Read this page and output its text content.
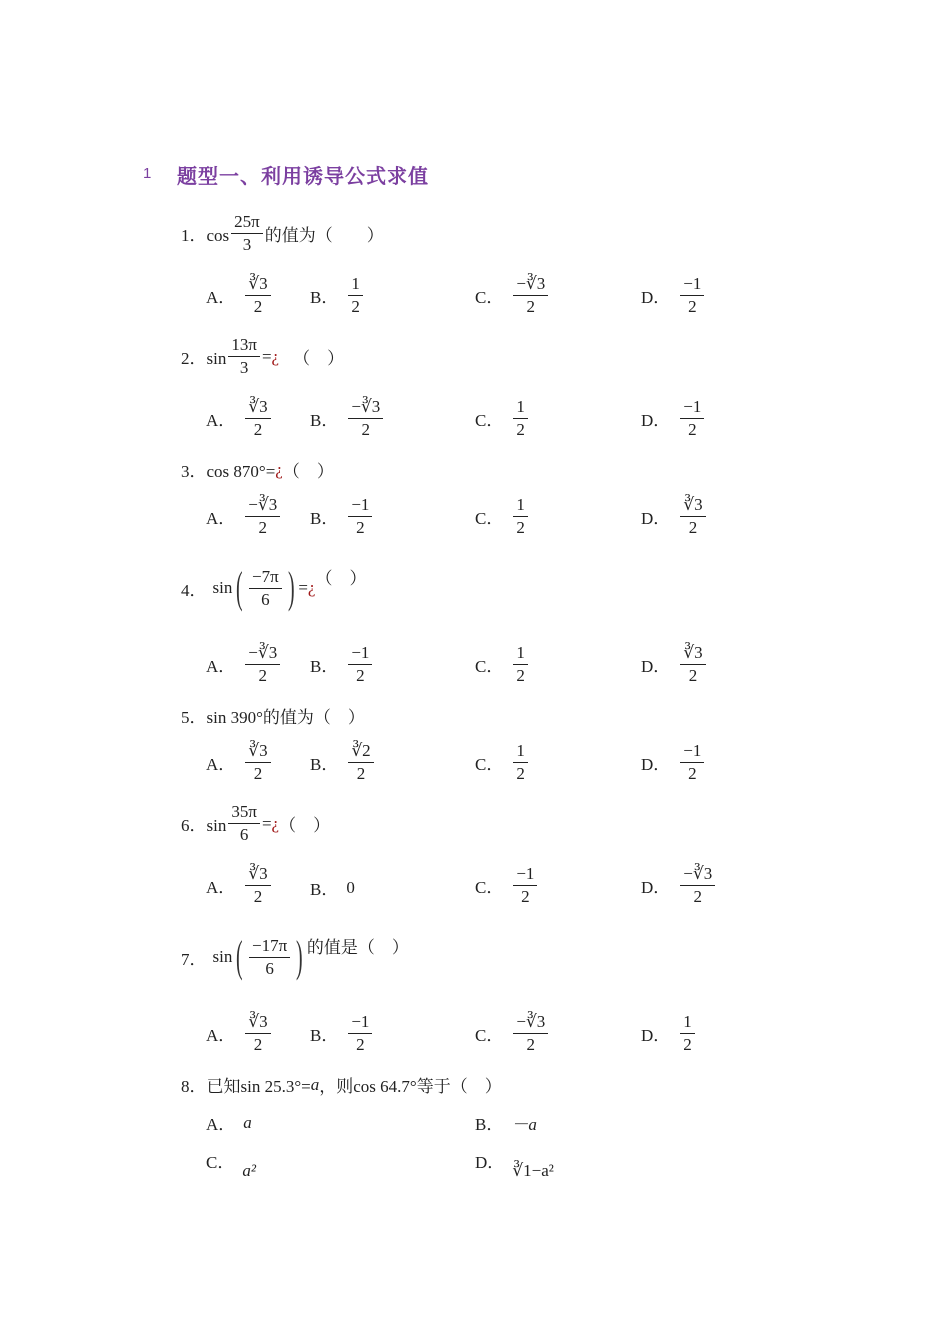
1 题型一、利用诱导公式求值
1．$\cos \frac{25\pi}{3}$ 的值为（　　）
A． $\frac{∛3}{2}$ B． $\frac{1}{2}$	C． $\frac{-∛3}{2}$	D． $\frac{-1}{2}$
2．$\sin \frac{13\pi}{3}$ = ¿ （　）
A． $\frac{∛3}{2}$ B． $\frac{-∛3}{2}$	C． $\frac{1}{2}$	D． $\frac{-1}{2}$
3．cos 870°= ¿ （　）
A． $\frac{-∛3}{2}$ B． $\frac{-1}{2}$	C． $\frac{1}{2}$	D． $\frac{∛3}{2}$
4． sin ( $\frac{-7\pi}{6}$ ) = ¿ （　）
A． $\frac{-∛3}{2}$ B． $\frac{-1}{2}$	C． $\frac{1}{2}$	D． $\frac{∛3}{2}$
5．sin 390°的值为（　）
A． $\frac{∛3}{2}$ B． $\frac{∛2}{2}$	C． $\frac{1}{2}$	D． $\frac{-1}{2}$
6．$\sin \frac{35\pi}{6}$ = ¿ （　）
A． $\frac{∛3}{2}$ B． 0	C． $\frac{-1}{2}$	D． $\frac{-∛3}{2}$
7． sin ( $\frac{-17\pi}{6}$ ) 的值是（　）
A． $\frac{∛3}{2}$ B． $\frac{-1}{2}$	C． $\frac{-∛3}{2}$	D． $\frac{1}{2}$
8．已知sin 25.3°= a ，则cos 64.7°等于（　）
A． a	B． －a
C． a²	D． ∛1−a²
